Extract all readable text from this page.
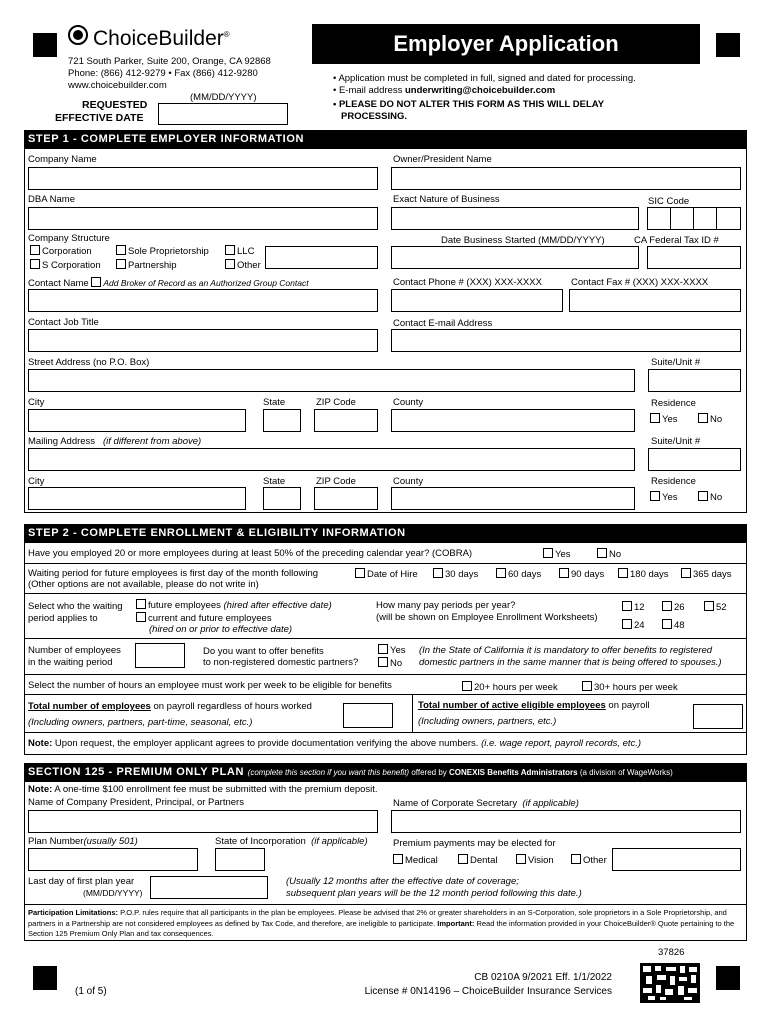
ChoiceBuilder®
721 South Parker, Suite 200, Orange, CA 92868
Phone: (866) 412-9279 • Fax (866) 412-9280
www.choicebuilder.com
Employer Application
(MM/DD/YYYY)
REQUESTED
EFFECTIVE DATE
• Application must be completed in full, signed and dated for processing.
• E-mail address underwriting@choicebuilder.com
• PLEASE DO NOT ALTER THIS FORM AS THIS WILL DELAY
PROCESSING.
STEP 1 - COMPLETE EMPLOYER INFORMATION
Company Name	Owner/President Name
DBA Name	Exact Nature of Business	SIC Code
Company Structure
Corporation	Sole Proprietorship	LLC
S Corporation	Partnership	Other
Date Business Started (MM/DD/YYYY)	CA Federal Tax ID #
Contact Name Add Broker of Record as an Authorized Group Contact	Contact Phone # (XXX) XXX-XXXX	Contact Fax # (XXX) XXX-XXXX
Contact Job Title	Contact E-mail Address
Street Address (no P.O. Box)	Suite/Unit #
City	State	ZIP Code	County	Residence
Yes	No
Mailing Address (if different from above)	Suite/Unit #
City	State	ZIP Code	County	Residence
Yes	No
STEP 2 - COMPLETE ENROLLMENT & ELIGIBILITY INFORMATION
Have you employed 20 or more employees during at least 50% of the preceding calendar year? (COBRA)	Yes	No
Waiting period for future employees is first day of the month following
(Other options are not available, please do not write in)
Date of Hire	30 days	60 days	90 days	180 days	365 days
Select who the waiting
period applies to
future employees (hired after effective date)
current and future employees
(hired on or prior to effective date)
How many pay periods per year?
(will be shown on Employee Enrollment Worksheets)
12	26	52
24	48
Number of employees
in the waiting period
Do you want to offer benefits
to non-registered domestic partners?
Yes
No
(In the State of California it is mandatory to offer benefits to registered
domestic partners in the same manner that is being offered to spouses.)
Select the number of hours an employee must work per week to be eligible for benefits	20+ hours per week	30+ hours per week
Total number of employees on payroll regardless of hours worked
(Including owners, partners, part-time, seasonal, etc.)
Total number of active eligible employees on payroll
(Including owners, partners, etc.)
Note: Upon request, the employer applicant agrees to provide documentation verifying the above numbers. (i.e. wage report, payroll records, etc.)
SECTION 125 - PREMIUM ONLY PLAN (complete this section if you want this benefit) offered by CONEXIS Benefits Administrators (a division of WageWorks)
Note: A one-time $100 enrollment fee must be submitted with the premium deposit.
Name of Company President, Principal, or Partners	Name of Corporate Secretary (if applicable)
Plan Number(usually 501)	State of Incorporation (if applicable)	Premium payments may be elected for
Medical	Dental	Vision	Other
Last day of first plan year
(MM/DD/YYYY)
(Usually 12 months after the effective date of coverage;
subsequent plan years will be the 12 month period following this date.)
Participation Limitations: P.O.P. rules require that all participants in the plan be employees. Please be advised that 2% or greater shareholders in an S-Corporation, sole proprietors in a Sole Proprietorship, and partners in a Partnership are not considered employees as defined by Tax Code, and therefore, are ineligible to participate. Important: Read the information provided in your ChoiceBuilder® Quote pertaining to the Section 125 Premium Only Plan and tax consequences.
37826
(1 of 5)
CB 0210A 9/2021 Eff. 1/1/2022
License # 0N14196 – ChoiceBuilder Insurance Services
